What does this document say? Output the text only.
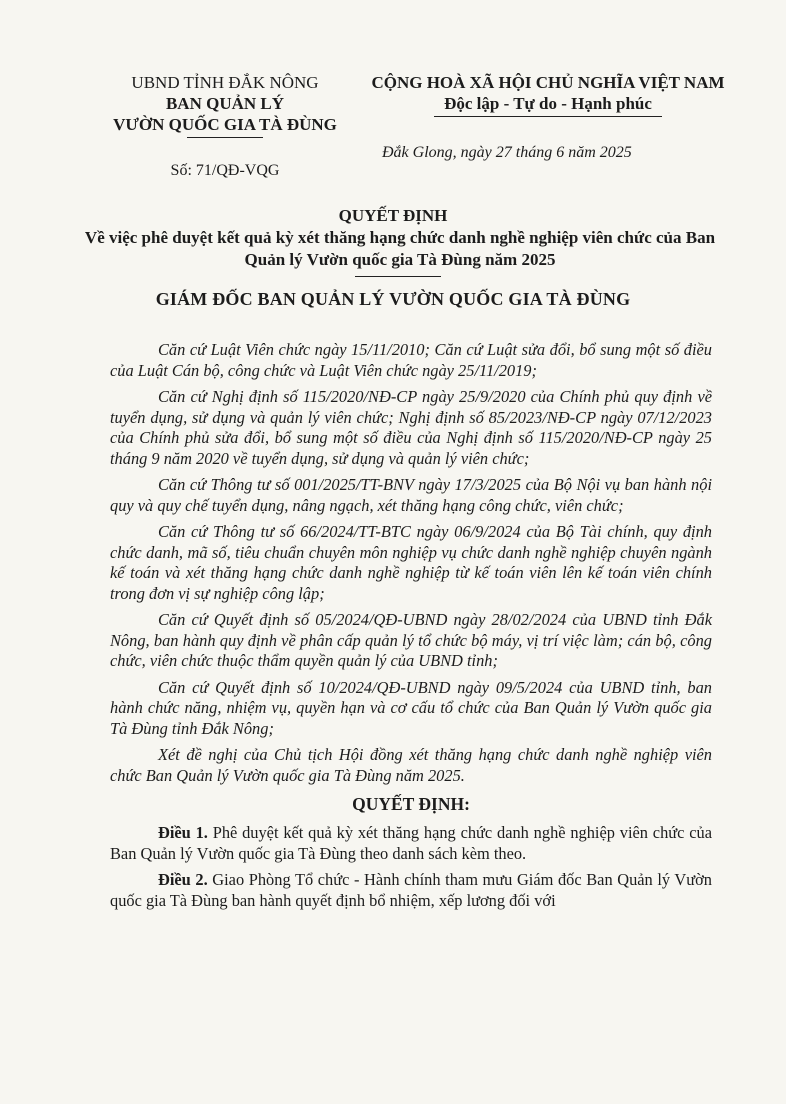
UBND TỈNH ĐẮK NÔNG
BAN QUẢN LÝ
VƯỜN QUỐC GIA TÀ ĐÙNG
Số: 71/QĐ-VQG
CỘNG HOÀ XÃ HỘI CHỦ NGHĨA VIỆT NAM
Độc lập - Tự do - Hạnh phúc
Đắk Glong, ngày 27 tháng 6 năm 2025
QUYẾT ĐỊNH
Về việc phê duyệt kết quả kỳ xét thăng hạng chức danh nghề nghiệp viên chức của Ban Quản lý Vườn quốc gia Tà Đùng năm 2025
GIÁM ĐỐC BAN QUẢN LÝ VƯỜN QUỐC GIA TÀ ĐÙNG

Căn cứ Luật Viên chức ngày 15/11/2010; Căn cứ Luật sửa đổi, bổ sung một số điều của Luật Cán bộ, công chức và Luật Viên chức ngày 25/11/2019;

Căn cứ Nghị định số 115/2020/NĐ-CP ngày 25/9/2020 của Chính phủ quy định về tuyển dụng, sử dụng và quản lý viên chức; Nghị định số 85/2023/NĐ-CP ngày 07/12/2023 của Chính phủ sửa đổi, bổ sung một số điều của Nghị định số 115/2020/NĐ-CP ngày 25 tháng 9 năm 2020 về tuyển dụng, sử dụng và quản lý viên chức;

Căn cứ Thông tư số 001/2025/TT-BNV ngày 17/3/2025 của Bộ Nội vụ ban hành nội quy và quy chế tuyển dụng, nâng ngạch, xét thăng hạng công chức, viên chức;

Căn cứ Thông tư số 66/2024/TT-BTC ngày 06/9/2024 của Bộ Tài chính, quy định chức danh, mã số, tiêu chuẩn chuyên môn nghiệp vụ chức danh nghề nghiệp chuyên ngành kế toán và xét thăng hạng chức danh nghề nghiệp từ kế toán viên lên kế toán viên chính trong đơn vị sự nghiệp công lập;

Căn cứ Quyết định số 05/2024/QĐ-UBND ngày 28/02/2024 của UBND tỉnh Đắk Nông, ban hành quy định về phân cấp quản lý tổ chức bộ máy, vị trí việc làm; cán bộ, công chức, viên chức thuộc thẩm quyền quản lý của UBND tỉnh;

Căn cứ Quyết định số 10/2024/QĐ-UBND ngày 09/5/2024 của UBND tỉnh, ban hành chức năng, nhiệm vụ, quyền hạn và cơ cấu tổ chức của Ban Quản lý Vườn quốc gia Tà Đùng tỉnh Đắk Nông;

Xét đề nghị của Chủ tịch Hội đồng xét thăng hạng chức danh nghề nghiệp viên chức Ban Quản lý Vườn quốc gia Tà Đùng năm 2025.

QUYẾT ĐỊNH:
Điều 1. Phê duyệt kết quả kỳ xét thăng hạng chức danh nghề nghiệp viên chức của Ban Quản lý Vườn quốc gia Tà Đùng theo danh sách kèm theo.
Điều 2. Giao Phòng Tổ chức - Hành chính tham mưu Giám đốc Ban Quản lý Vườn quốc gia Tà Đùng ban hành quyết định bổ nhiệm, xếp lương đối với
